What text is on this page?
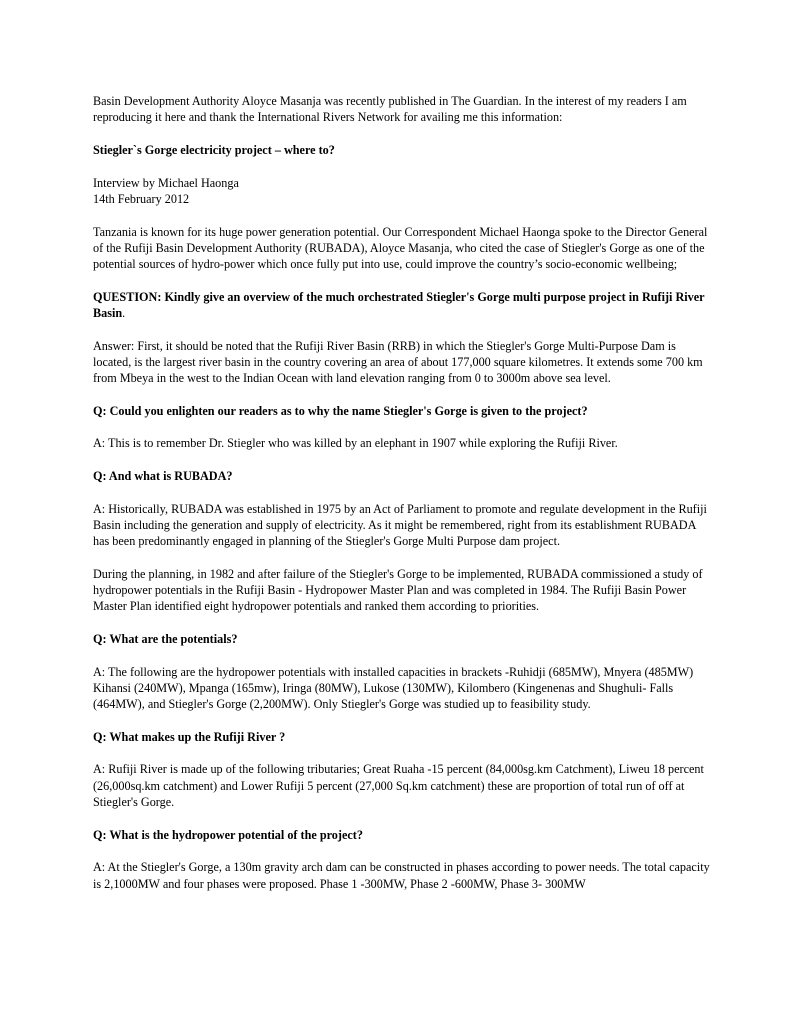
Basin Development Authority Aloyce Masanja was recently published in The Guardian. In the interest of my readers I am reproducing it here and thank the International Rivers Network for availing me this information:

Stiegler`s Gorge electricity project – where to?

Interview by Michael Haonga

14th February 2012

Tanzania is known for its huge power generation potential. Our Correspondent Michael Haonga spoke to the Director General of the Rufiji Basin Development Authority (RUBADA), Aloyce Masanja, who cited the case of Stiegler's Gorge as one of the potential sources of hydro-power which once fully put into use, could improve the country’s socio-economic wellbeing;

QUESTION: Kindly give an overview of the much orchestrated Stiegler's Gorge multi purpose project in Rufiji River Basin.

Answer: First, it should be noted that the Rufiji River Basin (RRB) in which the Stiegler's Gorge Multi-Purpose Dam is located, is the largest river basin in the country covering an area of about 177,000 square kilometres. It extends some 700 km from Mbeya in the west to the Indian Ocean with land elevation ranging from 0 to 3000m above sea level.

Q: Could you enlighten our readers as to why the name Stiegler's Gorge is given to the project?

A: This is to remember Dr. Stiegler who was killed by an elephant in 1907 while exploring the Rufiji River.

Q: And what is RUBADA?

A: Historically, RUBADA was established in 1975 by an Act of Parliament to promote and regulate development in the Rufiji Basin including the generation and supply of electricity. As it might be remembered, right from its establishment RUBADA has been predominantly engaged in planning of the Stiegler's Gorge Multi Purpose dam project.

During the planning, in 1982 and after failure of the Stiegler's Gorge to be implemented, RUBADA commissioned a study of hydropower potentials in the Rufiji Basin - Hydropower Master Plan and was completed in 1984. The Rufiji Basin Power Master Plan identified eight hydropower potentials and ranked them according to priorities.

Q: What are the potentials?

A: The following are the hydropower potentials with installed capacities in brackets -Ruhidji (685MW), Mnyera (485MW) Kihansi (240MW), Mpanga (165mw), Iringa (80MW), Lukose (130MW), Kilombero (Kingenenas and Shughuli- Falls (464MW), and Stiegler's Gorge (2,200MW). Only Stiegler's Gorge was studied up to feasibility study.

Q: What makes up the Rufiji River ?

A: Rufiji River is made up of the following tributaries; Great Ruaha -15 percent (84,000sg.km Catchment), Liweu 18 percent (26,000sq.km catchment) and Lower Rufiji 5 percent (27,000 Sq.km catchment) these are proportion of total run of off at Stiegler's Gorge.

Q: What is the hydropower potential of the project?

A: At the Stiegler's Gorge, a 130m gravity arch dam can be constructed in phases according to power needs. The total capacity is 2,1000MW and four phases were proposed. Phase 1 -300MW, Phase 2 -600MW, Phase 3- 300MW
